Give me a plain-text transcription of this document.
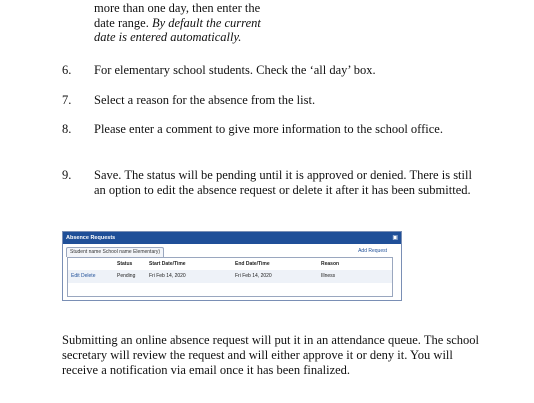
more than one day, then enter the
date range. By default the current
date is entered automatically.
6. For elementary school students. Check the ‘all day’ box.
7. Select a reason for the absence from the list.
8. Please enter a comment to give more information to the school office.
9. Save. The status will be pending until it is approved or denied. There is still an option to edit the absence request or delete it after it has been submitted.
Absence Requests	▣
Student name School name Elementary)	Add Request
	Status	Start Date/Time	End Date/Time	Reason
Edit Delete	Pending	Fri Feb 14, 2020	Fri Feb 14, 2020	Illness

Submitting an online absence request will put it in an attendance queue. The school secretary will review the request and will either approve it or deny it. You will receive a notification via email once it has been finalized.
